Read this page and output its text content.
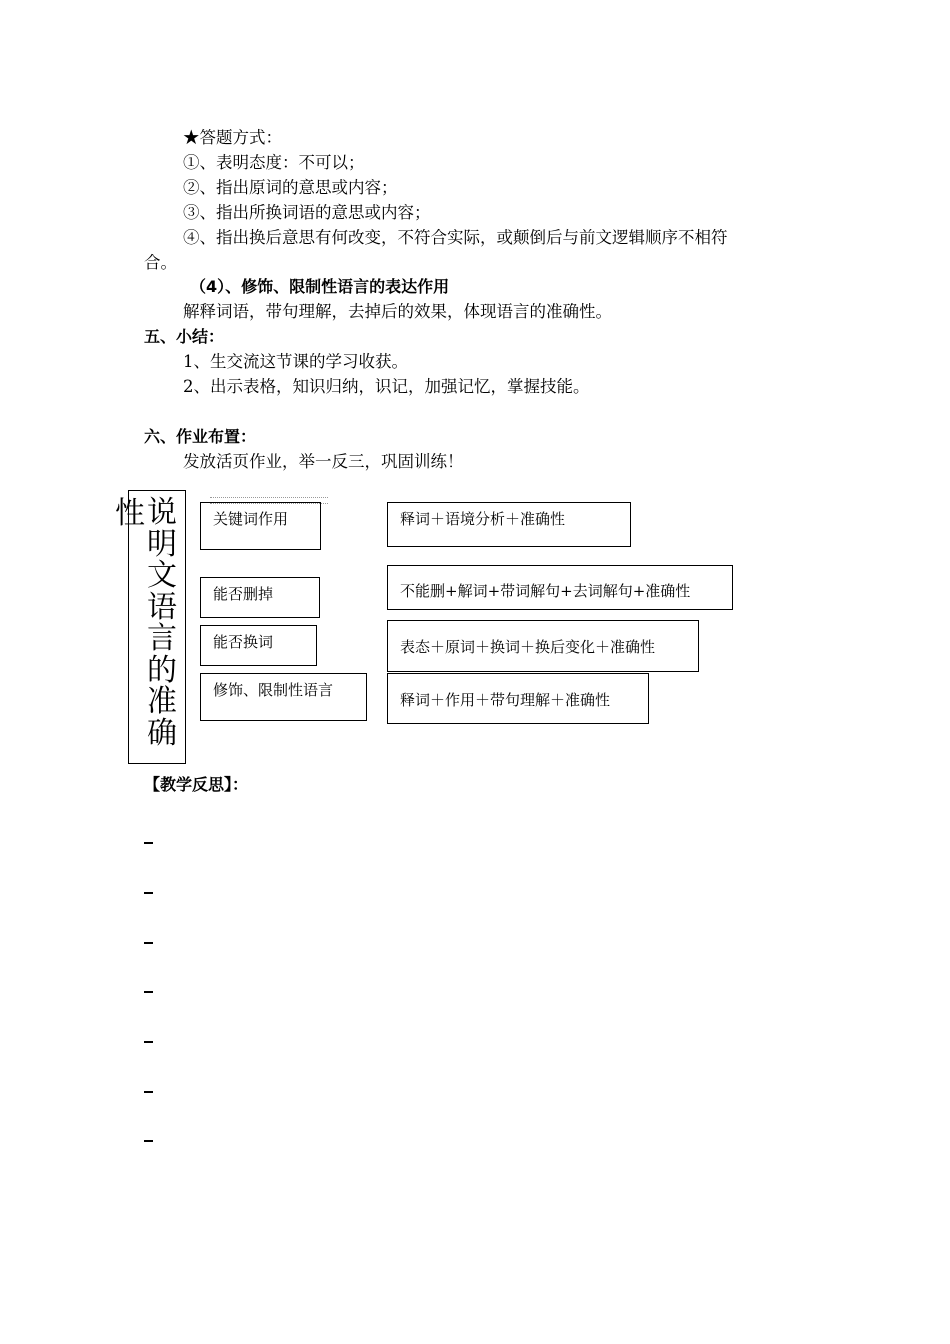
★答题方式：
①、表明态度：不可以；
②、指出原词的意思或内容；
③、指出所换词语的意思或内容；
④、指出换后意思有何改变，不符合实际，或颠倒后与前文逻辑顺序不相符
合。
（4）、修饰、限制性语言的表达作用
解释词语，带句理解，去掉后的效果，体现语言的准确性。
五、小结：
1、生交流这节课的学习收获。
2、出示表格，知识归纳，识记，加强记忆，掌握技能。
六、作业布置：
发放活页作业，举一反三，巩固训练！
性 说明文语言的准确
关键词作用
能否删掉
能否换词
修饰、限制性语言
释词＋语境分析＋准确性
不能删+解词+带词解句+去词解句+准确性
表态＋原词＋换词＋换后变化＋准确性
释词＋作用＋带句理解＋准确性
【教学反思】：
